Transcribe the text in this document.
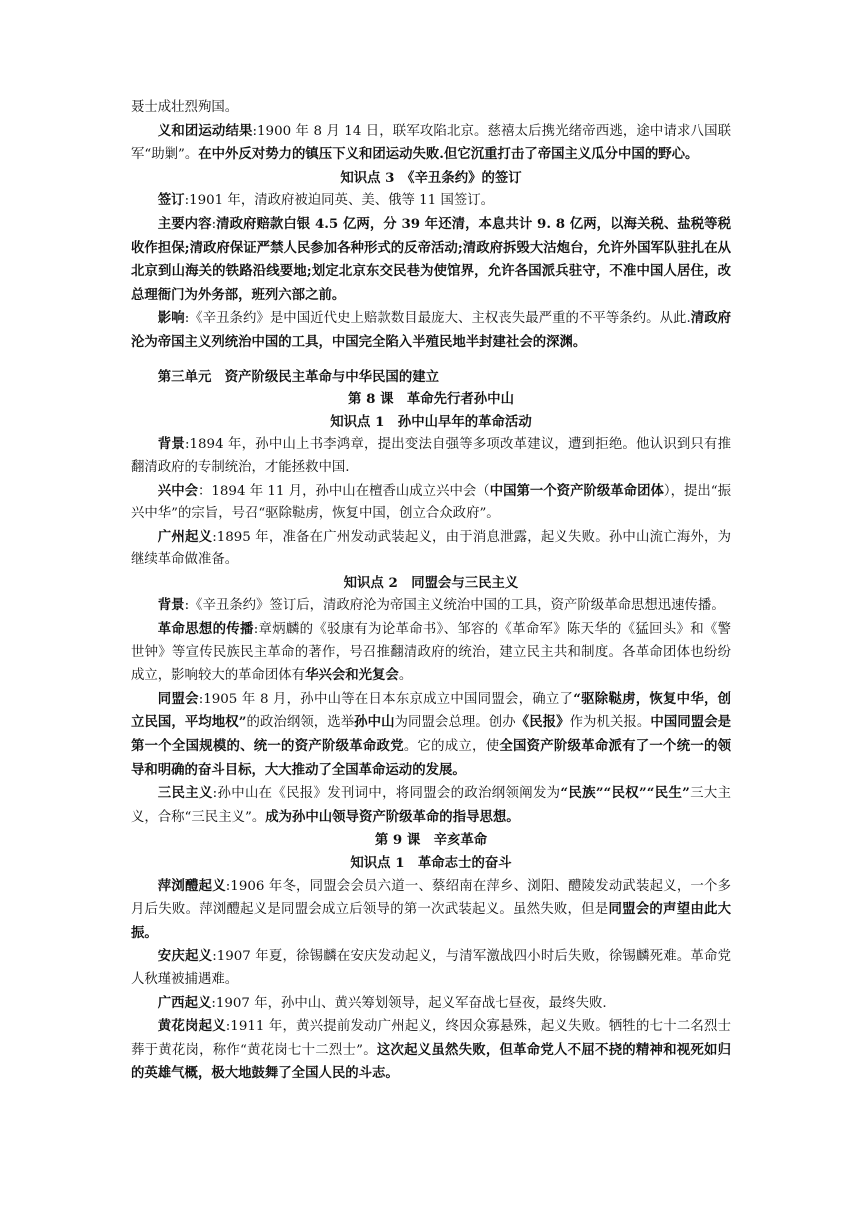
聂士成壮烈殉国。

义和团运动结果:1900 年 8 月 14 日，联军攻陷北京。慈禧太后携光绪帝西逃，途中请求八国联军“助剿”。在中外反对势力的镇压下义和团运动失败.但它沉重打击了帝国主义瓜分中国的野心。

知识点 3　《辛丑条约》的签订

签订:1901 年，清政府被迫同英、美、俄等 11 国签订。

主要内容:清政府赔款白银 4.5 亿两，分 39 年还清，本息共计 9. 8 亿两，以海关税、盐税等税收作担保;清政府保证严禁人民参加各种形式的反帝活动;清政府拆毁大沽炮台，允许外国军队驻扎在从北京到山海关的铁路沿线要地;划定北京东交民巷为使馆界，允许各国派兵驻守，不准中国人居住，改总理衙门为外务部，班列六部之前。

影响:《辛丑条约》是中国近代史上赔款数目最庞大、主权丧失最严重的不平等条约。从此.清政府沦为帝国主义列统治中国的工具，中国完全陷入半殖民地半封建社会的深渊。

第三单元　资产阶级民主革命与中华民国的建立

第 8 课　革命先行者孙中山

知识点 1　孙中山早年的革命活动

背景:1894 年，孙中山上书李鸿章，提出变法自强等多项改革建议，遭到拒绝。他认识到只有推翻清政府的专制统治，才能拯救中国.

兴中会：1894 年 11 月，孙中山在檀香山成立兴中会（中国第一个资产阶级革命团体），提出“振兴中华”的宗旨，号召“驱除鞑虏，恢复中国，创立合众政府”。

广州起义:1895 年，准备在广州发动武装起义，由于消息泄露，起义失败。孙中山流亡海外，为继续革命做准备。

知识点 2　同盟会与三民主义

背景:《辛丑条约》签订后，清政府沦为帝国主义统治中国的工具，资产阶级革命思想迅速传播。

革命思想的传播:章炳麟的《驳康有为论革命书》、邹容的《革命军》陈天华的《猛回头》和《警世钟》等宣传民族民主革命的著作，号召推翻清政府的统治，建立民主共和制度。各革命团体也纷纷成立，影响较大的革命团体有华兴会和光复会。

同盟会:1905 年 8 月，孙中山等在日本东京成立中国同盟会，确立了“驱除鞑虏，恢复中华，创立民国，平均地权”的政治纲领，选举孙中山为同盟会总理。创办《民报》作为机关报。中国同盟会是第一个全国规模的、统一的资产阶级革命政党。它的成立，使全国资产阶级革命派有了一个统一的领导和明确的奋斗目标，大大推动了全国革命运动的发展。

三民主义:孙中山在《民报》发刊词中，将同盟会的政治纲领阐发为“民族”“民权”“民生”三大主义，合称“三民主义”。成为孙中山领导资产阶级革命的指导思想。

第 9 课　辛亥革命

知识点 1　革命志士的奋斗

萍浏醴起义:1906 年冬，同盟会会员六道一、蔡绍南在萍乡、浏阳、醴陵发动武装起义，一个多月后失败。萍浏醴起义是同盟会成立后领导的第一次武装起义。虽然失败，但是同盟会的声望由此大振。

安庆起义:1907 年夏，徐锡麟在安庆发动起义，与清军激战四小时后失败，徐锡麟死难。革命党人秋瑾被捕遇难。

广西起义:1907 年，孙中山、黄兴筹划领导，起义军奋战七昼夜，最终失败.

黄花岗起义:1911 年，黄兴提前发动广州起义，终因众寡悬殊，起义失败。牺牲的七十二名烈士葬于黄花岗，称作“黄花岗七十二烈士”。这次起义虽然失败，但革命党人不屈不挠的精神和视死如归的英雄气概，极大地鼓舞了全国人民的斗志。
